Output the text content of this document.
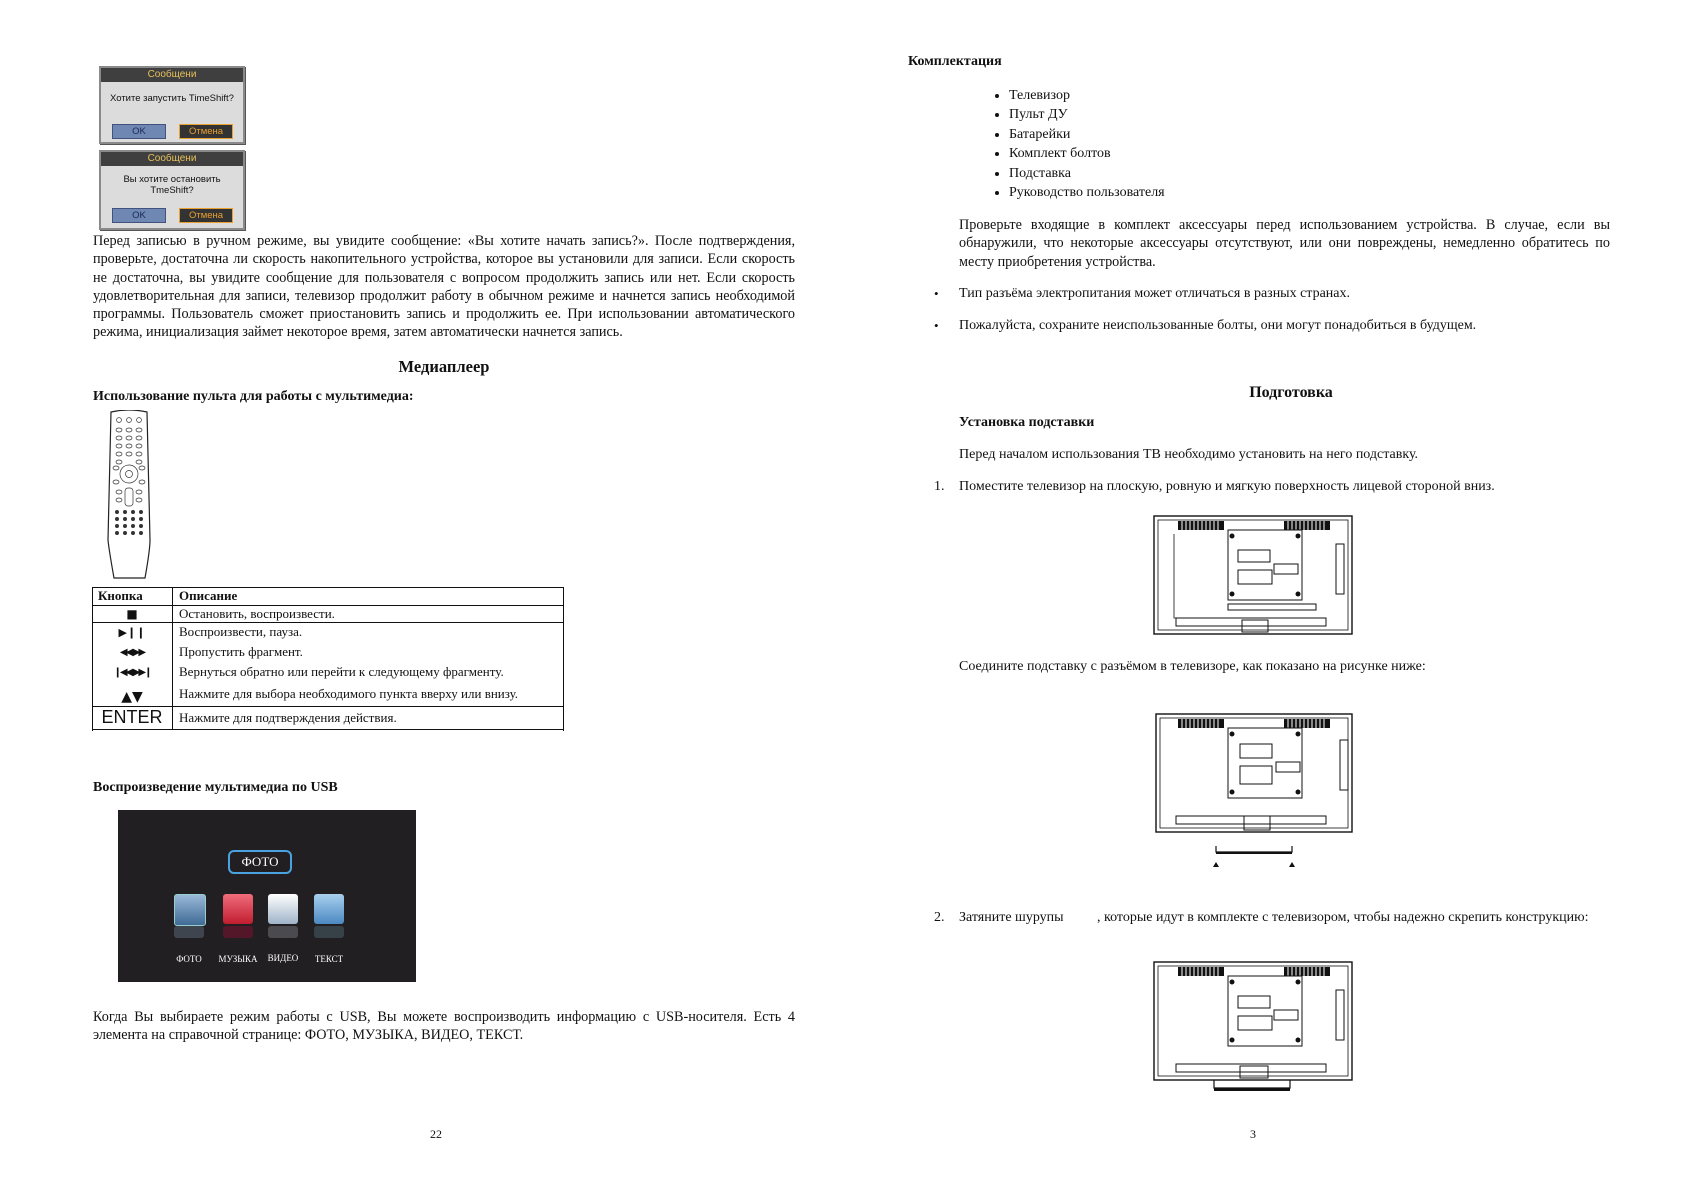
Сообщени
Хотите запустить TimeShift?
OK	Отмена
Сообщени
Вы хотите остановить
TmeShift?
OK	Отмена
Перед записью в ручном режиме, вы увидите сообщение: «Вы хотите начать запись?». После подтверждения, проверьте, достаточна ли скорость накопительного устройства, которое вы установили для записи. Если скорость не достаточна, вы увидите сообщение для пользователя с вопросом продолжить запись или нет. Если скорость удовлетворительная для записи, телевизор продолжит работу в обычном режиме и начнется запись необходимой программы. Пользователь сможет приостановить запись и продолжить ее. При использовании автоматического режима, инициализация займет некоторое время, затем автоматически начнется запись.
Медиаплеер
Использование пульта для работы с мультимедиа:
Кнопка	Описание
■	Остановить, воспроизвести.
▶❙❙	Воспроизвести, пауза.
◀◀ ▶▶	Пропустить фрагмент.
❙◀◀ ▶▶❙	Вернуться обратно или перейти к следующему фрагменту.
▲▼	Нажмите для выбора необходимого пункта вверху или внизу.
ENTER	Нажмите для подтверждения действия.
Воспроизведение мультимедиа по USB
ФОТО
ФОТО	МУЗЫКА	ВИДЕО	ТЕКСТ
Когда Вы выбираете режим работы с USB, Вы можете воспроизводить информацию с USB-носителя. Есть 4 элемента на справочной странице: ФОТО, МУЗЫКА, ВИДЕО, ТЕКСТ.
22
Комплектация
• Телевизор
• Пульт ДУ
• Батарейки
• Комплект болтов
• Подставка
• Руководство пользователя
Проверьте входящие в комплект аксессуары перед использованием устройства. В случае, если вы обнаружили, что некоторые аксессуары отсутствуют, или они повреждены, немедленно обратитесь по месту приобретения устройства.
• Тип разъёма электропитания может отличаться в разных странах.
• Пожалуйста, сохраните неиспользованные болты, они могут понадобиться в будущем.
Подготовка
Установка подставки
Перед началом использования ТВ необходимо установить на него подставку.
1. Поместите телевизор на плоскую, ровную и мягкую поверхность лицевой стороной вниз.
Соедините подставку с разъёмом в телевизоре, как показано на рисунке ниже:
2. Затяните шурупы , которые идут в комплекте с телевизором, чтобы надежно скрепить конструкцию:
3
